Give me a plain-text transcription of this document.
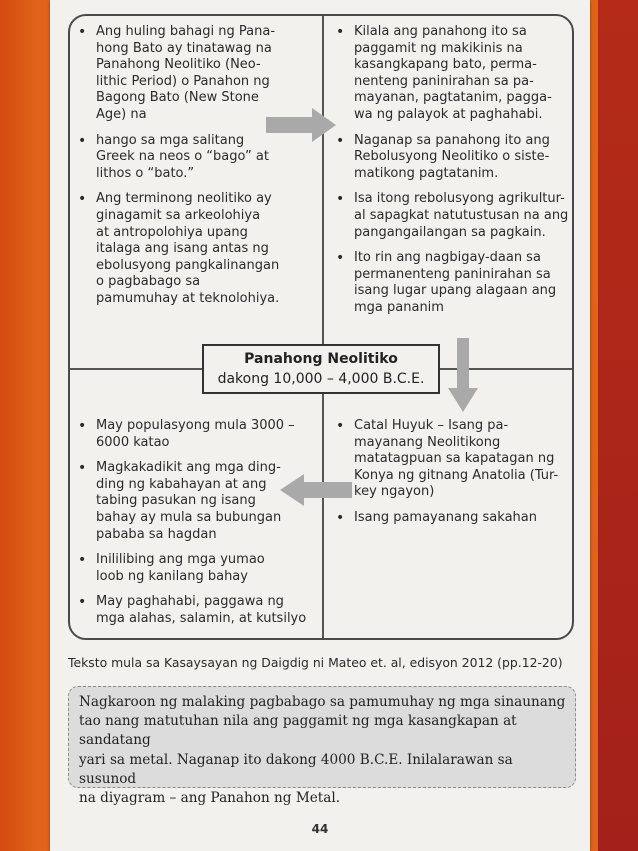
• Ang huling bahagi ng Pana-
hong Bato ay tinatawag na
Panahong Neolitiko (Neo-
lithic Period) o Panahon ng
Bagong Bato (New Stone
Age) na
• hango sa mga salitang
Greek na neos o “bago” at
lithos o “bato.”
• Ang terminong neolitiko ay
ginagamit sa arkeolohiya
at antropolohiya upang
italaga ang isang antas ng
ebolusyong pangkalinangan
o pagbabago sa
pamumuhay at teknolohiya.
• Kilala ang panahong ito sa
paggamit ng makikinis na
kasangkapang bato, perma-
nenteng paninirahan sa pa-
mayanan, pagtatanim, pagga-
wa ng palayok at paghahabi.
• Naganap sa panahong ito ang
Rebolusyong Neolitiko o siste-
matikong pagtatanim.
• Isa itong rebolusyong agrikultur-
al sapagkat natutustusan na ang
pangangailangan sa pagkain.
• Ito rin ang nagbigay-daan sa
permanenteng paninirahan sa
isang lugar upang alagaan ang
mga pananim
• May populasyong mula 3000 –
6000 katao
• Magkakadikit ang mga ding-
ding ng kabahayan at ang
tabing pasukan ng isang
bahay ay mula sa bubungan
pababa sa hagdan
• Inililibing ang mga yumao
loob ng kanilang bahay
• May paghahabi, paggawa ng
mga alahas, salamin, at kutsilyo
• Catal Huyuk – Isang pa-
mayanang Neolitikong
matatagpuan sa kapatagan ng
Konya ng gitnang Anatolia (Tur-
key ngayon)
• Isang pamayanang sakahan
Panahong Neolitiko
dakong 10,000 – 4,000 B.C.E.
Teksto mula sa Kasaysayan ng Daigdig ni Mateo et. al, edisyon 2012 (pp.12-20)
Nagkaroon ng malaking pagbabago sa pamumuhay ng mga sinaunang
tao nang matutuhan nila ang paggamit ng mga kasangkapan at sandatang
yari sa metal. Naganap ito dakong 4000 B.C.E. Inilalarawan sa susunod
na diyagram – ang Panahon ng Metal.
44
